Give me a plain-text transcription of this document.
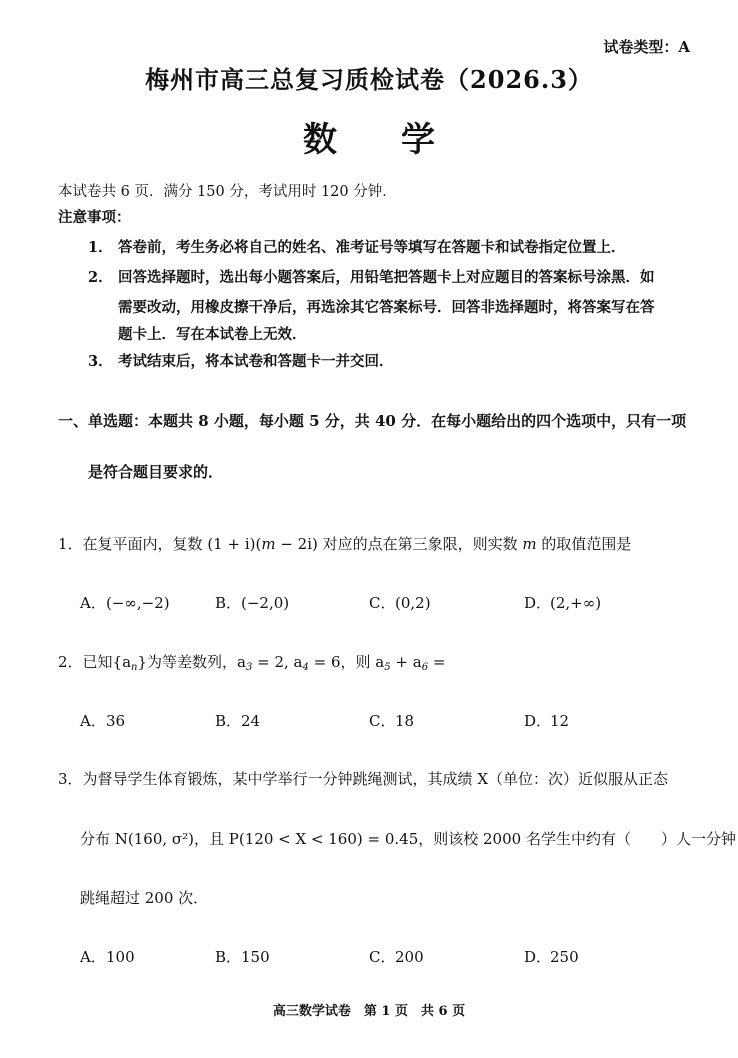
试卷类型：A
梅州市高三总复习质检试卷（2026.3）
数学
本试卷共 6 页．满分 150 分，考试用时 120 分钟．
注意事项：
1． 答卷前，考生务必将自己的姓名、准考证号等填写在答题卡和试卷指定位置上．
2． 回答选择题时，选出每小题答案后，用铅笔把答题卡上对应题目的答案标号涂黑．如
需要改动，用橡皮擦干净后，再选涂其它答案标号．回答非选择题时，将答案写在答
题卡上．写在本试卷上无效．
3． 考试结束后，将本试卷和答题卡一并交回．
一、单选题：本题共 8 小题，每小题 5 分，共 40 分．在每小题给出的四个选项中，只有一项
是符合题目要求的．
1．在复平面内，复数 (1 + i)(m − 2i) 对应的点在第三象限，则实数 m 的取值范围是
A．(−∞,−2)	B．(−2,0)	C．(0,2)	D．(2,+∞)
2．已知$\{a_n\}$为等差数列，$a_3 = 2$, $a_4 = 6$，则 $a_5 + a_6$ =
A．36	B．24	C．18	D．12
3．为督导学生体育锻炼，某中学举行一分钟跳绳测试，其成绩 X（单位：次）近似服从正态
分布 N(160, σ²)，且 P(120 < X < 160) = 0.45，则该校 2000 名学生中约有（　　）人一分钟
跳绳超过 200 次．
A．100	B．150	C．200	D．250
高三数学试卷　第 1 页　共 6 页
